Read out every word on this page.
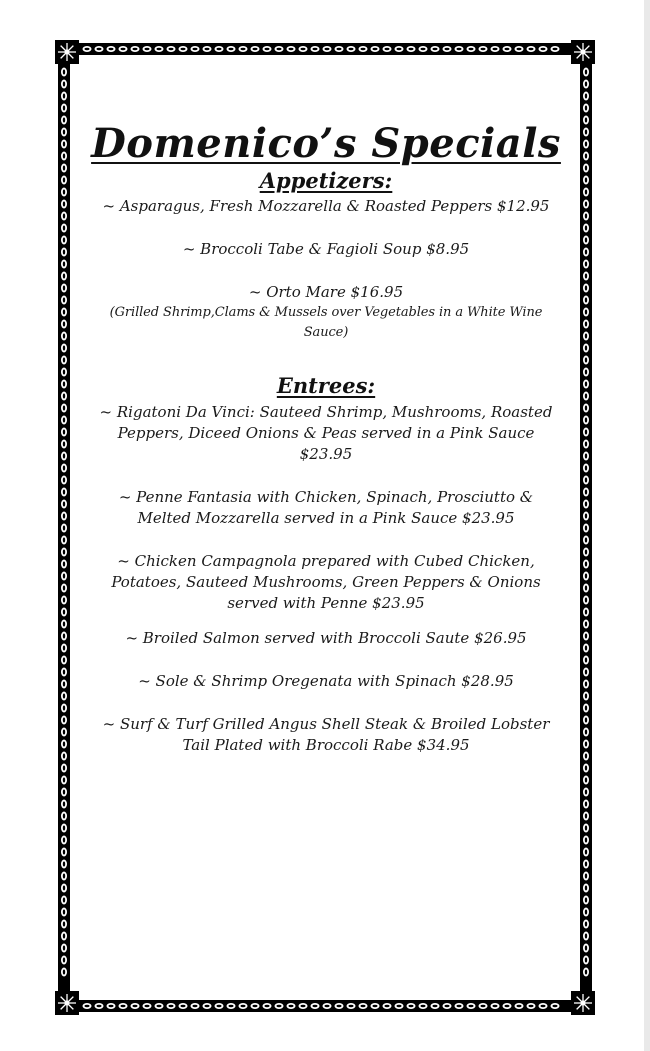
Domenico’s Specials
Appetizers:

~ Asparagus, Fresh Mozzarella & Roasted Peppers $12.95

~ Broccoli Tabe & Fagioli Soup $8.95

~ Orto Mare $16.95

(Grilled Shrimp,Clams & Mussels over Vegetables in a White Wine Sauce)

Entrees:

~ Rigatoni Da Vinci: Sauteed Shrimp, Mushrooms, Roasted Peppers, Diceed Onions & Peas served in a Pink Sauce $23.95

~ Penne Fantasia with Chicken, Spinach, Prosciutto & Melted Mozzarella served in a Pink Sauce $23.95

~ Chicken Campagnola prepared with Cubed Chicken, Potatoes, Sauteed Mushrooms, Green Peppers & Onions served with Penne $23.95

~ Broiled Salmon served with Broccoli Saute $26.95

~ Sole & Shrimp Oregenata with Spinach $28.95

~ Surf & Turf Grilled Angus Shell Steak & Broiled Lobster Tail Plated with Broccoli Rabe $34.95
